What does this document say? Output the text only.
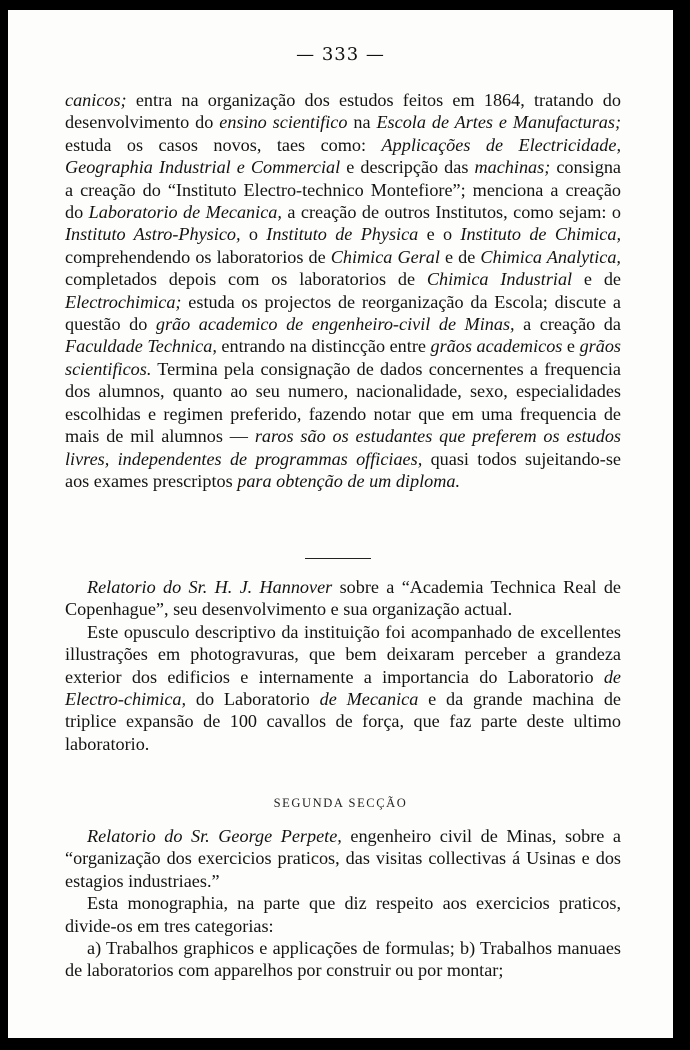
— 333 —

canicos; entra na organização dos estudos feitos em 1864, tratando do desenvolvimento do ensino scientifico na Escola de Artes e Manufacturas; estuda os casos novos, taes como: Applicações de Electricidade, Geographia Industrial e Commercial e descripção das machinas; consigna a creação do “Instituto Electro-technico Montefiore”; menciona a creação do Laboratorio de Mecanica, a creação de outros Institutos, como sejam: o Instituto Astro-Physico, o Instituto de Physica e o Instituto de Chimica, comprehendendo os laboratorios de Chimica Geral e de Chimica Analytica, completados depois com os laboratorios de Chimica Industrial e de Electrochimica; estuda os projectos de reorganização da Escola; discute a questão do grão academico de engenheiro-civil de Minas, a creação da Faculdade Technica, entrando na distincção entre grãos academicos e grãos scientificos. Termina pela consignação de dados concernentes a frequencia dos alumnos, quanto ao seu numero, nacionalidade, sexo, especialidades escolhidas e regimen preferido, fazendo notar que em uma frequencia de mais de mil alumnos — raros são os estudantes que preferem os estudos livres, independentes de programmas officiaes, quasi todos sujeitando-se aos exames prescriptos para obtenção de um diploma.

Relatorio do Sr. H. J. Hannover sobre a “Academia Technica Real de Copenhague”, seu desenvolvimento e sua organização actual.

Este opusculo descriptivo da instituição foi acompanhado de excellentes illustrações em photogravuras, que bem deixaram perceber a grandeza exterior dos edificios e internamente a importancia do Laboratorio de Electro-chimica, do Laboratorio de Mecanica e da grande machina de triplice expansão de 100 cavallos de força, que faz parte deste ultimo laboratorio.

SEGUNDA SECÇÃO

Relatorio do Sr. George Perpete, engenheiro civil de Minas, sobre a “organização dos exercicios praticos, das visitas collectivas á Usinas e dos estagios industriaes.”

Esta monographia, na parte que diz respeito aos exercicios praticos, divide-os em tres categorias:

a) Trabalhos graphicos e applicações de formulas; b) Trabalhos manuaes de laboratorios com apparelhos por construir ou por montar;
